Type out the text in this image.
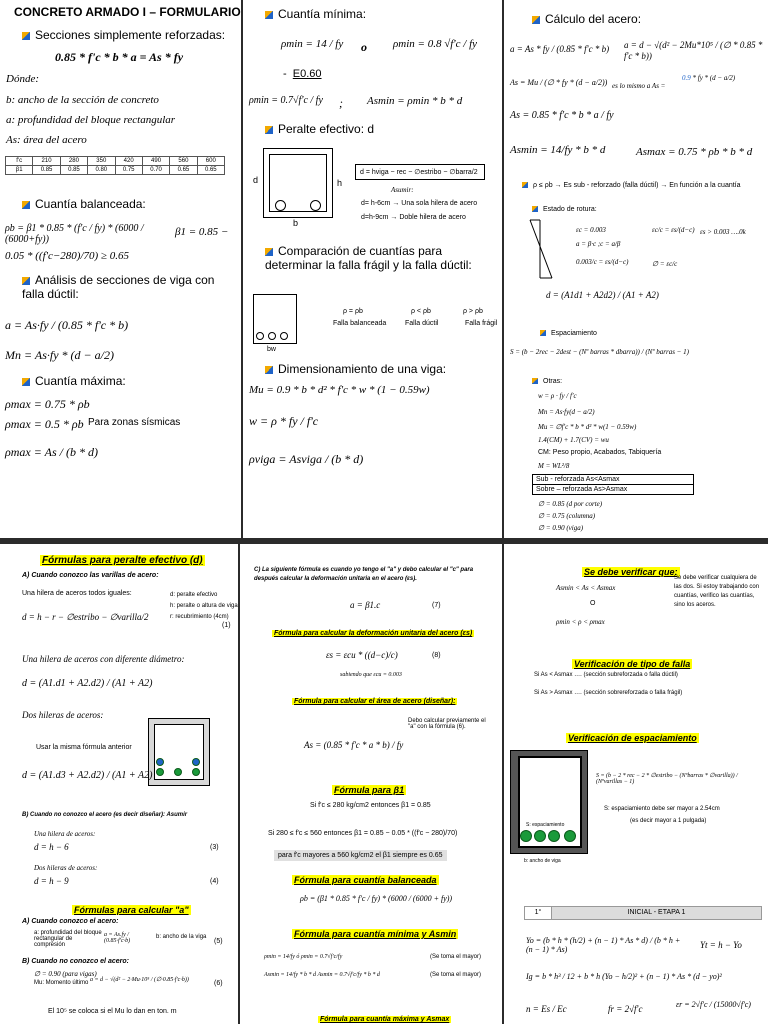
CONCRETO ARMADO I – FORMULARIO
Secciones simplemente reforzadas:
0.85 * f'c * b * a = As * fy
Dónde:
b: ancho de la sección de concreto
a: profundidad del bloque rectangular
As: área del acero
f'c	210	280	350	420	490	560	600
β1	0.85	0.85	0.80	0.75	0.70	0.65	0.65
Cuantía balanceada:
ρb = β1 * 0.85 * (f'c / fy) * (6000 / (6000+fy))
β1 = 0.85 −
0.05 * ((f'c−280)/70) ≥ 0.65
Análisis de secciones de viga con falla dúctil:
a = As·fy / (0.85 * f'c * b)
Mn = As·fy * (d − a/2)
Cuantía máxima:
ρmax = 0.75 * ρb
ρmax = 0.5 * ρb Para zonas sísmicas
ρmax = As / (b * d)
Cuantía mínima:
ρmin = 14 / fy o ρmin = 0.8 √f'c / fy
-  E0.60
ρmin = 0.7√f'c / fy ; Asmin = ρmin * b * d
Peralte efectivo: d
d	h
b
d = hviga − rec − ∅estribo − ∅barra/2
Asumir:
d= h-6cm → Una sola hilera de acero
d=h-9cm → Doble hilera de acero
Comparación de cuantías para determinar la falla frágil y la falla dúctil:
bw
ρ = ρb
Falla balanceada
ρ < ρb
Falla dúctil
ρ > ρb
Falla frágil
Dimensionamiento de una viga:
Mu = 0.9 * b * d² * f'c * w * (1 − 0.59w)
w = ρ * fy / f'c
ρviga = Asviga / (b * d)
Cálculo del acero:
a = As * fy / (0.85 * f'c * b)	a = d − √(d² − 2Mu*10⁵ / (∅ * 0.85 * f'c * b))
As = Mu / (∅ * fy * (d − a/2)) es lo mismo a As =
0.9 * fy * (d − a/2)
As = 0.85 * f'c * b * a / fy
Asmin = 14/fy * b * d	Asmax = 0.75 * ρb * b * d
ρ ≤ ρb → Es sub - reforzado (falla dúctil) → En función a la cuantía
Estado de rotura:
εc = 0.003	εc/c = εs/(d−c) εs > 0.003 ….0k
a = β·c ;c = a/β
0.003/c = εs/(d−c)	∅ = εc/c
d = (A1d1 + A2d2) / (A1 + A2)
Espaciamiento
S = (b − 2rec − 2dest − (Nº barras * dbarra)) / (Nº barras − 1)
Otras:
w = ρ · fy / f'c
Mn = As·fy(d − a/2)
Mu = ∅f'c * b * d² * w(1 − 0.59w)
1.4(CM) + 1.7(CV) = wu
CM: Peso propio, Acabados, Tabiquería
M = WL²/8
Sub - reforzada As<Asmax
Sobre – reforzada As>Asmax
∅ = 0.85 (d por corte)
∅ = 0.75 (columna)
∅ = 0.90 (viga)
Fórmulas para peralte efectivo (d)
A) Cuando conozco las varillas de acero:
Una hilera de aceros todos iguales:
d = h − r − ∅estribo − ∅varilla/2
d: peralte efectivo
h: peralte o altura de viga
r: recubrimiento (4cm)
(1)
Una hilera de aceros con diferente diámetro:
d = (A1.d1 + A2.d2) / (A1 + A2)
Dos hileras de aceros:
Usar la misma fórmula anterior
d = (A1.d3 + A2.d2) / (A1 + A2)
B) Cuando no conozco el acero (es decir diseñar): Asumir
Una hilera de aceros:
d = h − 6	(3)
Dos hileras de aceros:
d = h − 9	(4)
Fórmulas para calcular "a"
A) Cuando conozco el acero:
a: profundidad del bloque rectangular de compresión
a = As.fy / (0.85·f'c·b)
b: ancho de la viga
(5)
B) Cuando no conozco el acero:
∅ = 0.90 (para vigas)
Mu: Momento último a = d − √(d² − 2·Mu·10⁵ / (∅·0.85·f'c·b))	(6)
El 10⁵ se coloca si el Mu lo dan en ton. m
C) La siguiente fórmula es cuando yo tengo el "a" y debo calcular el "c" para después calcular la deformación unitaria en el acero (εs).
a = β1.c	(7)
Fórmula para calcular la deformación unitaria del acero (εs)
εs = εcu * ((d−c)/c)	(8)
sabiendo que εcu = 0.003
Fórmula para calcular el área de acero (diseñar):
Debo calcular previamente el "a" con la fórmula (6).
As = (0.85 * f'c * a * b) / fy
Fórmula para β1
Si f'c ≤ 280 kg/cm2 entonces β1 = 0.85
Si 280 ≤ f'c ≤ 560 entonces β1 = 0.85 − 0.05 * ((f'c − 280)/70)
para f'c mayores a 560 kg/cm2 el β1 siempre es 0.65
Fórmula para cuantía balanceada
ρb = (β1 * 0.85 * f'c / fy) * (6000 / (6000 + fy))
Fórmula para cuantía mínima y Asmin
ρmin = 14/fy ó ρmin = 0.7√f'c/fy	(Se toma el mayor)
Asmin = 14/fy * b * d Asmin = 0.7√f'c/fy * b * d	(Se toma el mayor)
Fórmula para cuantía máxima y Asmax
Se debe verificar que:
Asmin < As < Asmax
O
ρmin < ρ < ρmax
Se debe verificar cualquiera de las dos. Si estoy trabajando con cuantías, verifico las cuantías, sino los aceros.
Verificación de tipo de falla
Si As < Asmax …. (sección subreforzada o falla dúctil)
Si As > Asmax …. (sección sobrereforzada o falla frágil)
Verificación de espaciamiento
S: espaciamiento
b: ancho de viga
S = (b − 2 * rec − 2 * ∅estribo − (Nºbarras * ∅varilla)) / (Nºvarillas − 1)
S: espaciamiento debe ser mayor a 2.54cm
(es decir mayor a 1 pulgada)
1°	INICIAL - ETAPA 1
Yo = (b * h * (h/2) + (n − 1) * As * d) / (b * h + (n − 1) * As)	Yt = h − Yo
Ig = b * h³ / 12 + b * h (Yo − h/2)² + (n − 1) * As * (d − yo)²
n = Es / Ec	fr = 2√f'c	εr = 2√f'c / (15000√f'c)
